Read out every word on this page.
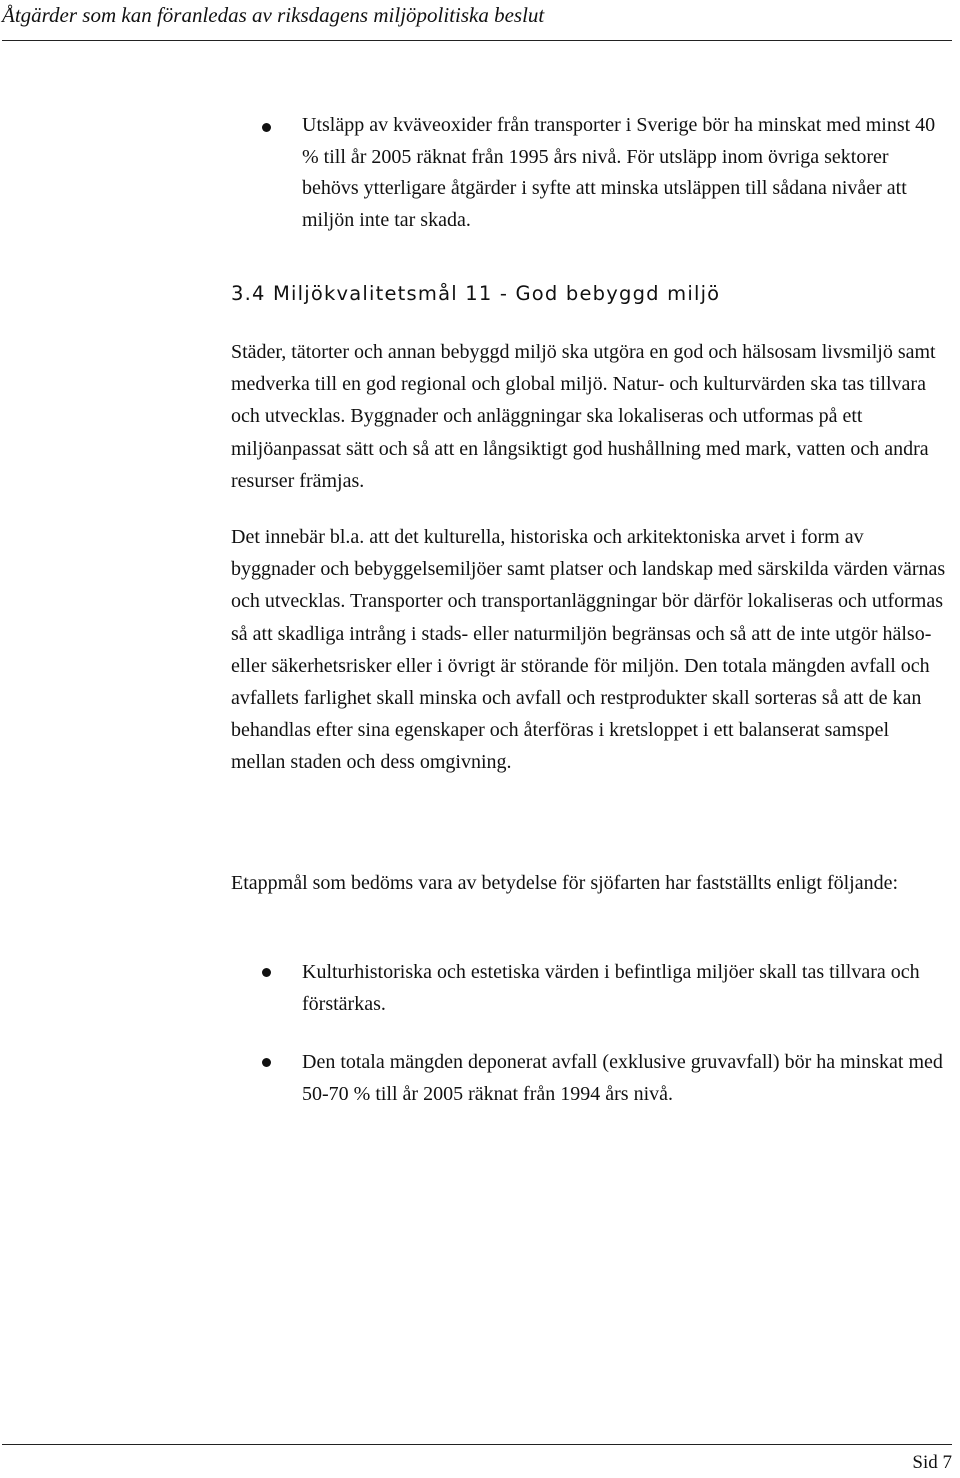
Åtgärder som kan föranledas av riksdagens miljöpolitiska beslut
Utsläpp av kväveoxider från transporter i Sverige bör ha minskat med minst 40 % till år 2005 räknat från 1995 års nivå. För utsläpp inom övriga sektorer behövs ytterligare åtgärder i syfte att minska utsläppen till sådana nivåer att miljön inte tar skada.
3.4 Miljökvalitetsmål 11 - God bebyggd miljö

Städer, tätorter och annan bebyggd miljö ska utgöra en god och hälsosam livsmiljö samt medverka till en god regional och global miljö. Natur- och kulturvärden ska tas tillvara och utvecklas. Byggnader och anläggningar ska lokaliseras och utformas på ett miljöanpassat sätt och så att en långsiktigt god hushållning med mark, vatten och andra resurser främjas.

Det innebär bl.a. att det kulturella, historiska och arkitektoniska arvet i form av byggnader och bebyggelsemiljöer samt platser och landskap med särskilda värden värnas och utvecklas. Transporter och transportanläggningar bör därför lokaliseras och utformas så att skadliga intrång i stads- eller naturmiljön begränsas och så att de inte utgör hälso- eller säkerhetsrisker eller i övrigt är störande för miljön. Den totala mängden avfall och avfallets farlighet skall minska och avfall och restprodukter skall sorteras så att de kan behandlas efter sina egenskaper och återföras i kretsloppet i ett balanserat samspel mellan staden och dess omgivning.

Etappmål som bedöms vara av betydelse för sjöfarten har fastställts enligt följande:

Kulturhistoriska och estetiska värden i befintliga miljöer skall tas tillvara och förstärkas.
Den totala mängden deponerat avfall (exklusive gruvavfall) bör ha minskat med 50-70 % till år 2005 räknat från 1994 års nivå.
Sid 7
